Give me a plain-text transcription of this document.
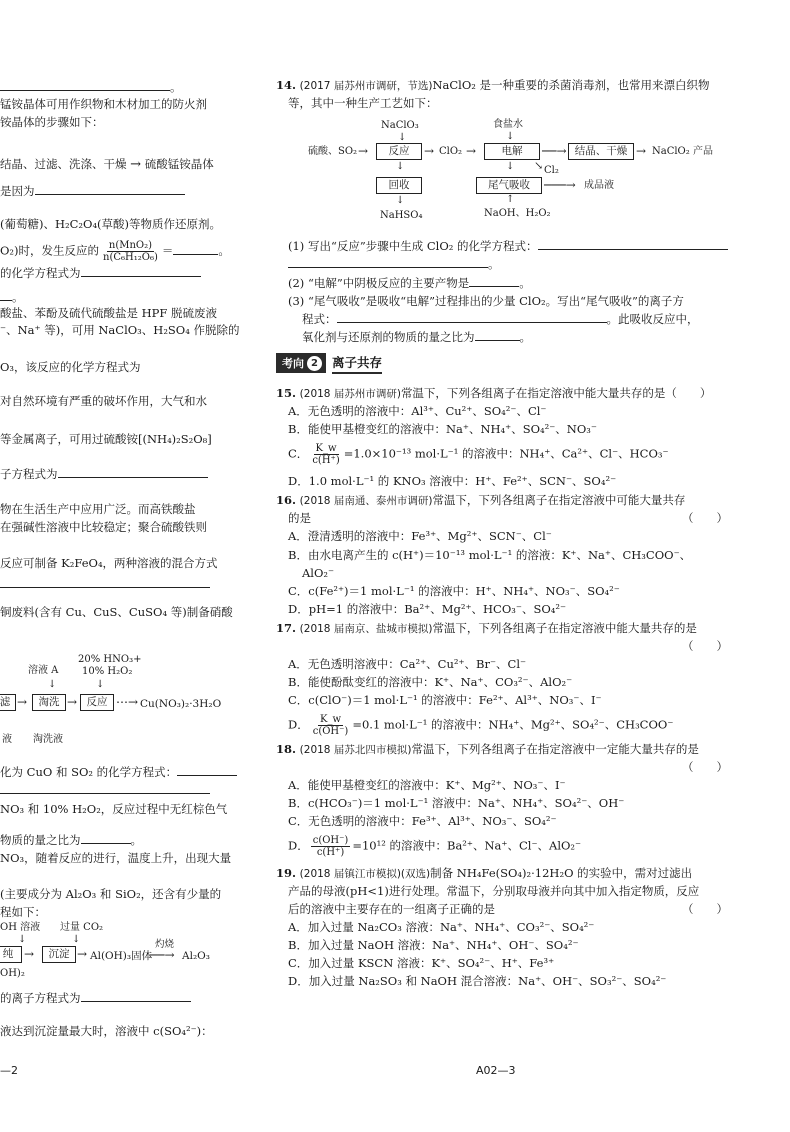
。
锰铵晶体可用作织物和木材加工的防火剂
铵晶体的步骤如下：
结晶、过滤、洗涤、干燥 → 硫酸锰铵晶体
是因为
(葡萄糖)、H₂C₂O₄(草酸)等物质作还原剂。
O₂)时，发生反应的 $\frac{\text{n(MnO₂)}}{\text{n(C₆H₁₂O₆)}}$ ＝	。
的化学方程式为
。
酸盐、苯酚及硫代硫酸盐是 HPF 脱硫废液
⁻、Na⁺ 等)，可用 NaClO₃、H₂SO₄ 作脱除的
O₃，该反应的化学方程式为
对自然环境有严重的破坏作用，大气和水
等金属离子，可用过硫酸铵[(NH₄)₂S₂O₈]
子方程式为
物在生活生产中应用广泛。而高铁酸盐
在强碱性溶液中比较稳定；聚合硫酸铁则
反应可制备 K₂FeO₄，两种溶液的混合方式
铜废料(含有 Cu、CuS、CuSO₄ 等)制备硝酸
溶液 A
20% HNO₃+
10% H₂O₂
滤 →	淘洗 → 反应 ⋯→ Cu(NO₃)₂·3H₂O
↓	↓
液 淘洗液
化为 CuO 和 SO₂ 的化学方程式：
NO₃ 和 10% H₂O₂，反应过程中无红棕色气
物质的量之比为	。
NO₃，随着反应的进行，温度上升，出现大量
(主要成分为 Al₂O₃ 和 SiO₂，还含有少量的
程如下：
OH 溶液 过量 CO₂
↓	↓
纯 →	沉淀 → Al(OH)₃固体
灼烧
──→ Al₂O₃
OH)₂
的离子方程式为
液达到沉淀量最大时，溶液中 c(SO₄²⁻)：
—2
14. (2017 届苏州市调研，节选)NaClO₂ 是一种重要的杀菌消毒剂，也常用来漂白织物
等，其中一种生产工艺如下：
NaClO₃
↓
硫酸、SO₂ →	反应	→ ClO₂ →
食盐水
↓
电解	──→ 结晶、干燥 → NaClO₂ 产品
↘ Cl₂
↓	↓
回收	尾气吸收	───→ 成品液
↓	↑
NaHSO₄	NaOH、H₂O₂
(1) 写出“反应”步骤中生成 ClO₂ 的化学方程式：
。
(2) “电解”中阴极反应的主要产物是	。
(3) “尾气吸收”是吸收“电解”过程排出的少量 ClO₂。写出“尾气吸收”的离子方
程式：	。此吸收反应中，
氧化剂与还原剂的物质的量之比为	。
考向 2	离子共存
15. (2018 届苏州市调研)常温下，下列各组离子在指定溶液中能大量共存的是（　　）
A．无色透明的溶液中：Al³⁺、Cu²⁺、SO₄²⁻、Cl⁻
B．能使甲基橙变红的溶液中：Na⁺、NH₄⁺、SO₄²⁻、NO₃⁻
C． $\frac{K\_w}{c(H^+)} =1.0\times 10^{-13}$ mol·L⁻¹ 的溶液中：NH₄⁺、Ca²⁺、Cl⁻、HCO₃⁻
D．1.0 mol·L⁻¹ 的 KNO₃ 溶液中：H⁺、Fe²⁺、SCN⁻、SO₄²⁻
16. (2018 届南通、泰州市调研)常温下，下列各组离子在指定溶液中可能大量共存
的是	（　　）
A．澄清透明的溶液中：Fe³⁺、Mg²⁺、SCN⁻、Cl⁻
B．由水电离产生的 c(H⁺)＝10⁻¹³ mol·L⁻¹ 的溶液：K⁺、Na⁺、CH₃COO⁻、
AlO₂⁻
C．c(Fe²⁺)＝1 mol·L⁻¹ 的溶液中：H⁺、NH₄⁺、NO₃⁻、SO₄²⁻
D．pH=1 的溶液中：Ba²⁺、Mg²⁺、HCO₃⁻、SO₄²⁻
17. (2018 届南京、盐城市模拟)常温下，下列各组离子在指定溶液中能大量共存的是
（　　）
A．无色透明溶液中：Ca²⁺、Cu²⁺、Br⁻、Cl⁻
B．能使酚酞变红的溶液中：K⁺、Na⁺、CO₃²⁻、AlO₂⁻
C．c(ClO⁻)＝1 mol·L⁻¹ 的溶液中：Fe²⁺、Al³⁺、NO₃⁻、I⁻
D． $\frac{K\_w}{c(OH^-)} =0.1$ mol·L⁻¹ 的溶液中：NH₄⁺、Mg²⁺、SO₄²⁻、CH₃COO⁻
18. (2018 届苏北四市模拟)常温下，下列各组离子在指定溶液中一定能大量共存的是
（　　）
A．能使甲基橙变红的溶液中：K⁺、Mg²⁺、NO₃⁻、I⁻
B．c(HCO₃⁻)＝1 mol·L⁻¹ 溶液中：Na⁺、NH₄⁺、SO₄²⁻、OH⁻
C．无色透明的溶液中：Fe³⁺、Al³⁺、NO₃⁻、SO₄²⁻
D． $\frac{c(OH^-)}{c(H^+)} =10^{12}$ 的溶液中：Ba²⁺、Na⁺、Cl⁻、AlO₂⁻
19. (2018 届镇江市模拟)(双选)制备 NH₄Fe(SO₄)₂·12H₂O 的实验中，需对过滤出
产品的母液(pH<1)进行处理。常温下，分别取母液并向其中加入指定物质，反应
后的溶液中主要存在的一组离子正确的是	（　　）
A．加入过量 Na₂CO₃ 溶液：Na⁺、NH₄⁺、CO₃²⁻、SO₄²⁻
B．加入过量 NaOH 溶液：Na⁺、NH₄⁺、OH⁻、SO₄²⁻
C．加入过量 KSCN 溶液：K⁺、SO₄²⁻、H⁺、Fe³⁺
D．加入过量 Na₂SO₃ 和 NaOH 混合溶液：Na⁺、OH⁻、SO₃²⁻、SO₄²⁻
A02—3
